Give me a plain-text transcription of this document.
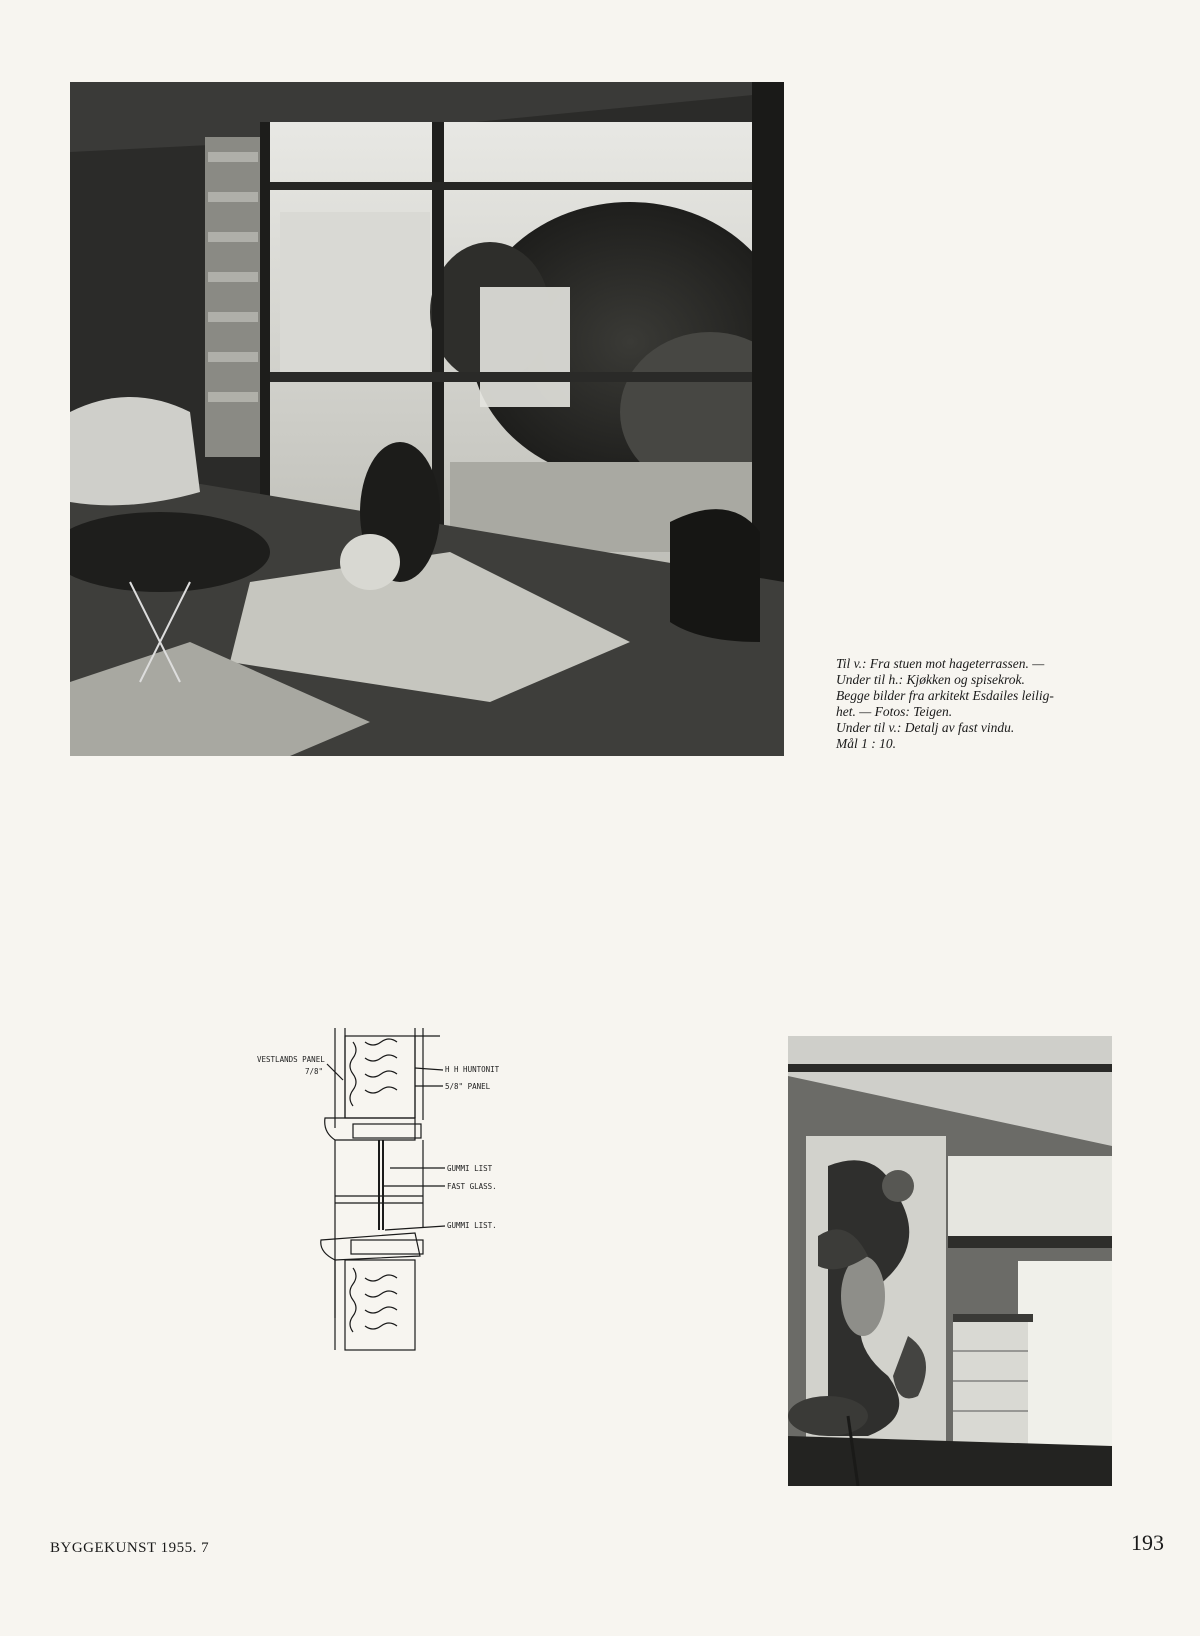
Til v.: Fra stuen mot hageterrassen. —
Under til h.: Kjøkken og spisekrok.
Begge bilder fra arkitekt Esdailes leilig-
het. — Fotos: Teigen.
Under til v.: Detalj av fast vindu.
Mål 1 : 10.
VESTLANDS PANEL
7/8"	H H HUNTONIT
5/8" PANEL
GUMMI LIST
FAST GLASS.
GUMMI LIST.
BYGGEKUNST 1955. 7	193
